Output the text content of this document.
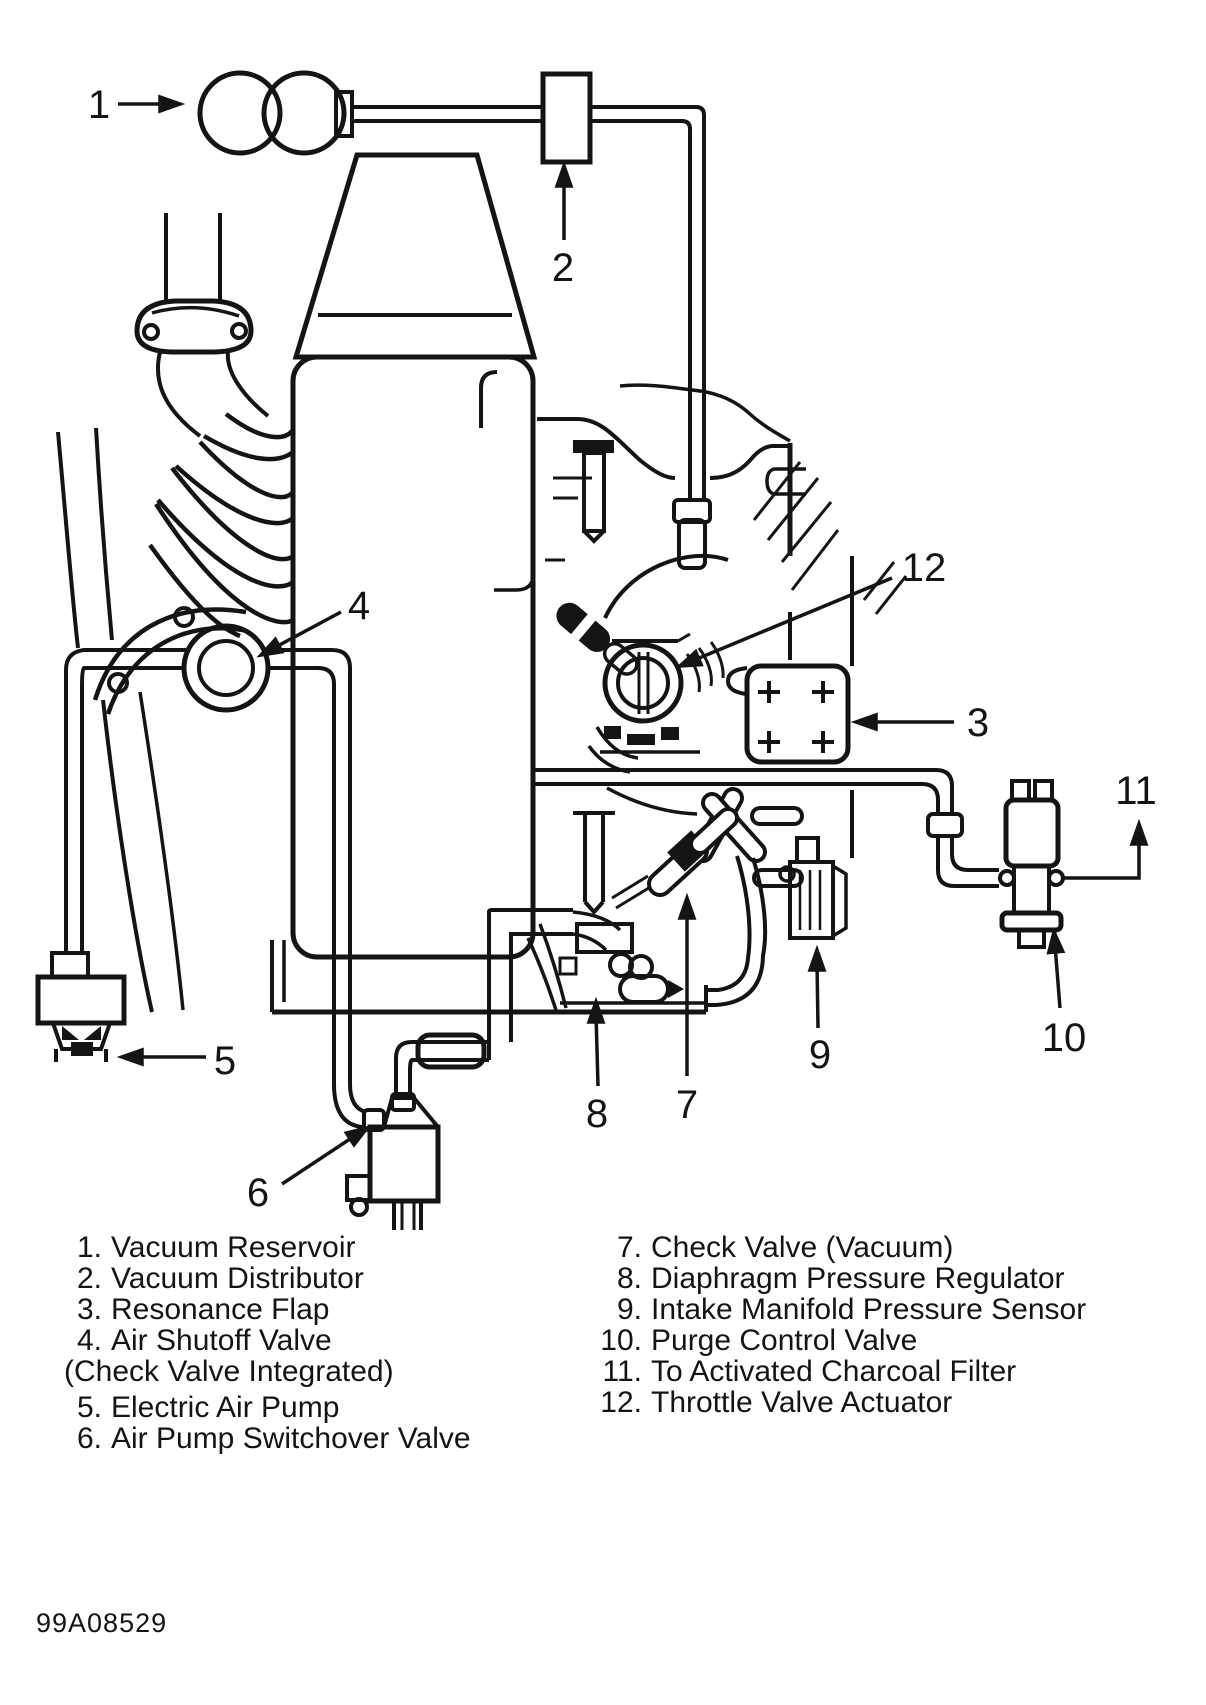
1
2
3
4
5
6
7
8
9	10
11
12
1. Vacuum Reservoir
2. Vacuum Distributor
3. Resonance Flap
4. Air Shutoff Valve
(Check Valve Integrated)
5. Electric Air Pump
6. Air Pump Switchover Valve
7. Check Valve (Vacuum)
8. Diaphragm Pressure Regulator
9. Intake Manifold Pressure Sensor
10. Purge Control Valve
11. To Activated Charcoal Filter
12. Throttle Valve Actuator
99A08529
